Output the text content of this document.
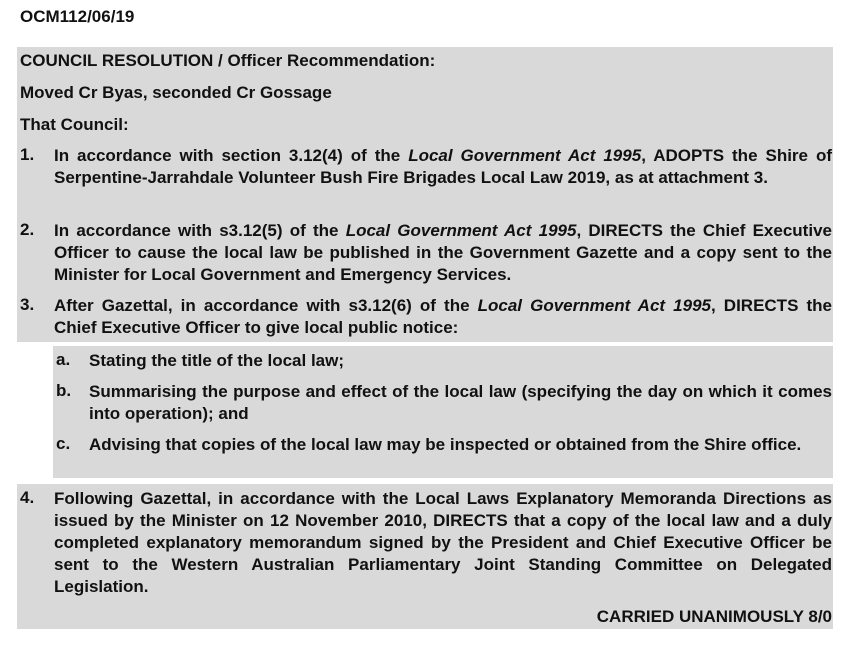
OCM112/06/19
COUNCIL RESOLUTION / Officer Recommendation:
Moved Cr Byas, seconded Cr Gossage
That Council:
1. In accordance with section 3.12(4) of the Local Government Act 1995, ADOPTS the Shire of Serpentine-Jarrahdale Volunteer Bush Fire Brigades Local Law 2019, as at attachment 3.
2. In accordance with s3.12(5) of the Local Government Act 1995, DIRECTS the Chief Executive Officer to cause the local law be published in the Government Gazette and a copy sent to the Minister for Local Government and Emergency Services.
3. After Gazettal, in accordance with s3.12(6) of the Local Government Act 1995, DIRECTS the Chief Executive Officer to give local public notice:
a. Stating the title of the local law;
b. Summarising the purpose and effect of the local law (specifying the day on which it comes into operation); and
c. Advising that copies of the local law may be inspected or obtained from the Shire office.
4. Following Gazettal, in accordance with the Local Laws Explanatory Memoranda Directions as issued by the Minister on 12 November 2010, DIRECTS that a copy of the local law and a duly completed explanatory memorandum signed by the President and Chief Executive Officer be sent to the Western Australian Parliamentary Joint Standing Committee on Delegated Legislation.
CARRIED UNANIMOUSLY 8/0
